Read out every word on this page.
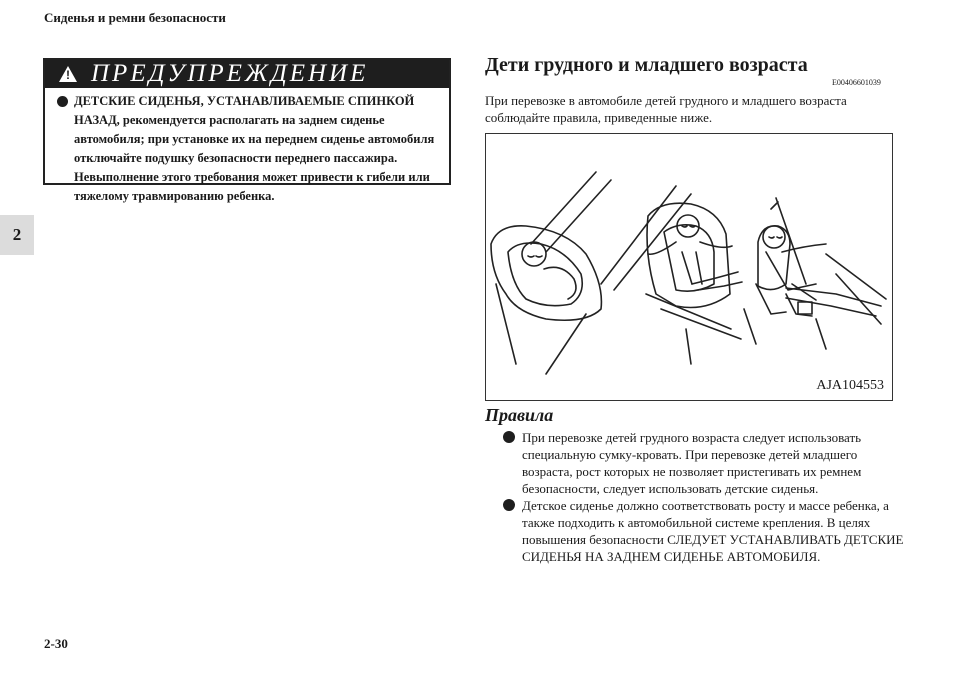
Сиденья и ремни безопасности
2
!
ПРЕДУПРЕЖДЕНИЕ
ДЕТСКИЕ СИДЕНЬЯ, УСТАНАВЛИВАЕМЫЕ СПИНКОЙ НАЗАД, рекомендуется располагать на заднем сиденье автомобиля; при установке их на переднем сиденье автомобиля отключайте подушку безопасности переднего пассажира. Невыполнение этого требования может привести к гибели или тяжелому травмированию ребенка.
Дети грудного и младшего возраста
E00406601039
При перевозке в автомобиле детей грудного и младшего возраста соблюдайте правила, приведенные ниже.
AJA104553
Правила
При перевозке детей грудного возраста следует использовать специальную сумку-кровать. При перевозке детей младшего возраста, рост которых не позволяет пристегивать их ремнем безопасности, следует использовать детские сиденья.
Детское сиденье должно соответствовать росту и массе ребенка, а также подходить к автомобильной системе крепления. В целях повышения безопасности СЛЕДУЕТ УСТАНАВЛИВАТЬ ДЕТСКИЕ СИДЕНЬЯ НА ЗАДНЕМ СИДЕНЬЕ АВТОМОБИЛЯ.
2-30
